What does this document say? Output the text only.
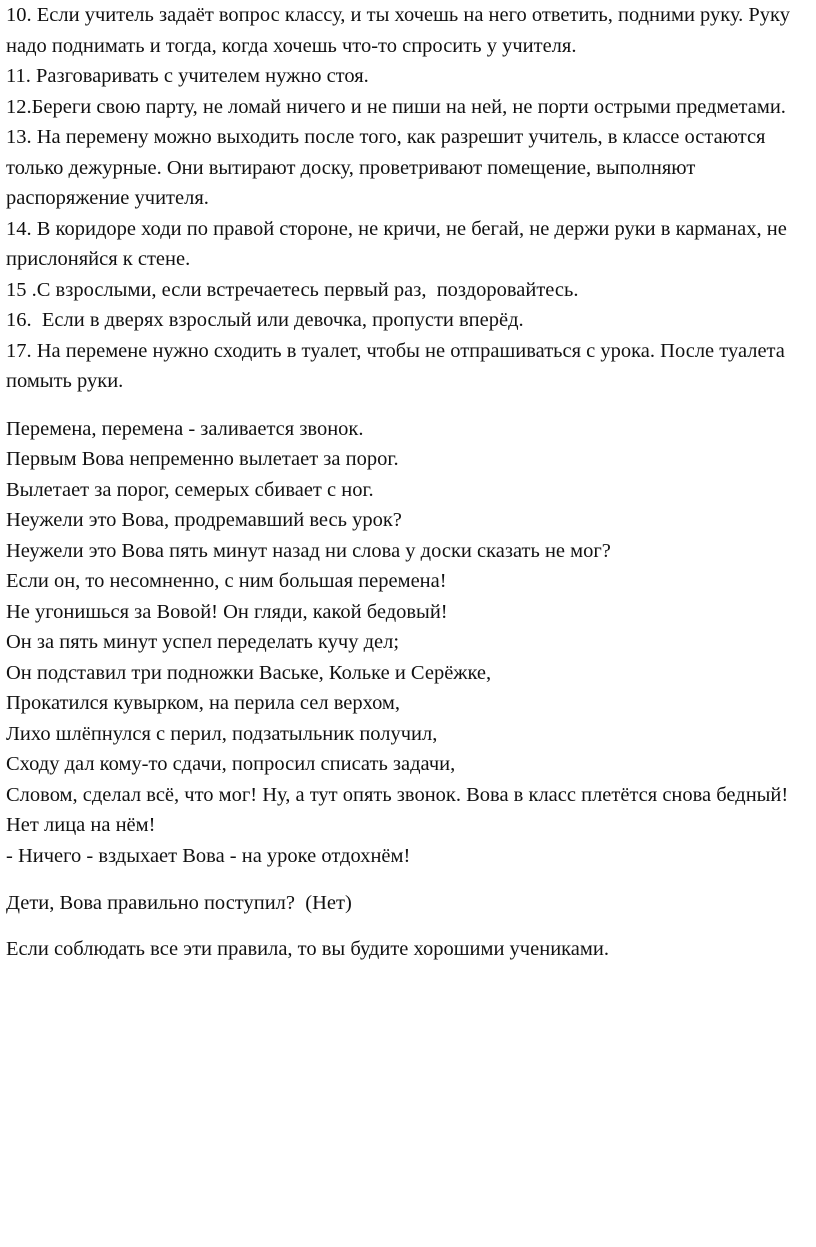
10. Если учитель задаёт вопрос классу, и ты хочешь на него ответить, подними руку. Руку надо поднимать и тогда, когда хочешь что-то спросить у учителя.

11. Разговаривать с учителем нужно стоя.

12.Береги свою парту, не ломай ничего и не пиши на ней, не порти острыми предметами.

13. На перемену можно выходить после того, как разрешит учитель, в классе остаются только дежурные. Они вытирают доску, проветривают помещение, выполняют распоряжение учителя.

14. В коридоре ходи по правой стороне, не кричи, не бегай, не держи руки в карманах, не прислоняйся к стене.

15 .С взрослыми, если встречаетесь первый раз,  поздоровайтесь.

16.  Если в дверях взрослый или девочка, пропусти вперёд.

17. На перемене нужно сходить в туалет, чтобы не отпрашиваться с урока. После туалета помыть руки.

Перемена, перемена - заливается звонок.

Первым Вова непременно вылетает за порог.

Вылетает за порог, семерых сбивает с ног.

Неужели это Вова, продремавший весь урок?

Неужели это Вова пять минут назад ни слова у доски сказать не мог?

Если он, то несомненно, с ним большая перемена!

Не угонишься за Вовой! Он гляди, какой бедовый!

Он за пять минут успел переделать кучу дел;

Он подставил три подножки Ваське, Кольке и Серёжке,

Прокатился кувырком, на перила сел верхом,

Лихо шлёпнулся с перил, подзатыльник получил,

Сходу дал кому-то сдачи, попросил списать задачи,

Словом, сделал всё, что мог! Ну, а тут опять звонок. Вова в класс плетётся снова бедный! Нет лица на нём!

- Ничего - вздыхает Вова - на уроке отдохнём!

Дети, Вова правильно поступил?  (Нет)

Если соблюдать все эти правила, то вы будите хорошими учениками.
